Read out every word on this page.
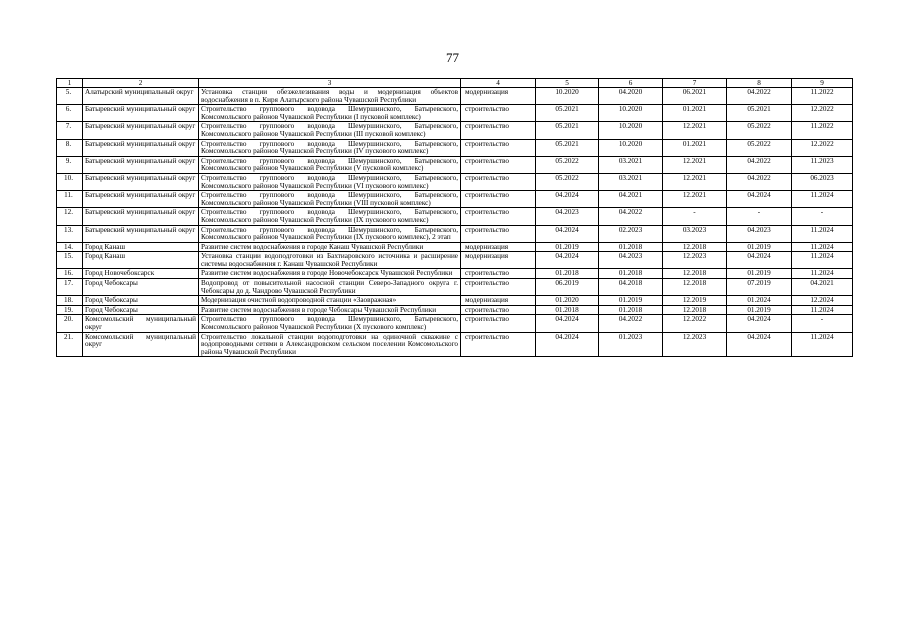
77
1	2	3	4	5	6	7	8	9
5.	Алатырский муниципальный округ	Установка станции обезжелезивания воды и модернизация объектов водоснабжения в п. Киря Алатырского района Чувашской Республики	модернизация	10.2020	04.2020	06.2021	04.2022	11.2022
6.	Батыревский муниципальный округ	Строительство группового водовода Шемуршинского, Батыревского, Комсомольского районов Чувашской Республики (I пусковой комплекс)	строительство	05.2021	10.2020	01.2021	05.2021	12.2022
7.	Батыревский муниципальный округ	Строительство группового водовода Шемуршинского, Батыревского, Комсомольского районов Чувашской Республики (III пусковой комплекс)	строительство	05.2021	10.2020	12.2021	05.2022	11.2022
8.	Батыревский муниципальный округ	Строительство группового водовода Шемуршинского, Батыревского, Комсомольского районов Чувашской Республики (IV пускового комплекс)	строительство	05.2021	10.2020	01.2021	05.2022	12.2022
9.	Батыревский муниципальный округ	Строительство группового водовода Шемуршинского, Батыревского, Комсомольского районов Чувашской Республики (V пусковой комплекс)	строительство	05.2022	03.2021	12.2021	04.2022	11.2023
10.	Батыревский муниципальный округ	Строительство группового водовода Шемуршинского, Батыревского, Комсомольского районов Чувашской Республики (VI пускового комплекс)	строительство	05.2022	03.2021	12.2021	04.2022	06.2023
11.	Батыревский муниципальный округ	Строительство группового водовода Шемуршинского, Батыревского, Комсомольского районов Чувашской Республики (VIII пусковой комплекс)	строительство	04.2024	04.2021	12.2021	04.2024	11.2024
12.	Батыревский муниципальный округ	Строительство группового водовода Шемуршинского, Батыревского, Комсомольского районов Чувашской Республики (IX пускового комплекс)	строительство	04.2023	04.2022	-	-	-
13.	Батыревский муниципальный округ	Строительство группового водовода Шемуршинского, Батыревского, Комсомольского районов Чувашской Республики (IX пускового комплекс), 2 этап	строительство	04.2024	02.2023	03.2023	04.2023	11.2024
14.	Город Канаш	Развитие систем водоснабжения в городе Канаш Чувашской Республики	модернизация	01.2019	01.2018	12.2018	01.2019	11.2024
15.	Город Канаш	Установка станции водоподготовки из Бахтиаровского источника и расширение системы водоснабжения г. Канаш Чувашской Республики	модернизация	04.2024	04.2023	12.2023	04.2024	11.2024
16.	Город Новочебоксарск	Развитие систем водоснабжения в городе Новочебоксарск Чувашской Республики	строительство	01.2018	01.2018	12.2018	01.2019	11.2024
17.	Город Чебоксары	Водопровод от повысительной насосной станции Северо-Западного округа г. Чебоксары до д. Чандрово Чувашской Республики	строительство	06.2019	04.2018	12.2018	07.2019	04.2021
18.	Город Чебоксары	Модернизация очистной водопроводной станции «Заовражная»	модернизация	01.2020	01.2019	12.2019	01.2024	12.2024
19.	Город Чебоксары	Развитие систем водоснабжения в городе Чебоксары Чувашской Республики	строительство	01.2018	01.2018	12.2018	01.2019	11.2024
20.	Комсомольский муниципальный округ	Строительство группового водовода Шемуршинского, Батыревского, Комсомольского районов Чувашской Республики (X пускового комплекс)	строительство	04.2024	04.2022	12.2022	04.2024	-
21.	Комсомольский муниципальный округ	Строительство локальной станции водоподготовки на одиночной скважине с водопроводными сетями в Александровском сельском поселении Комсомольского района Чувашской Республики	строительство	04.2024	01.2023	12.2023	04.2024	11.2024
